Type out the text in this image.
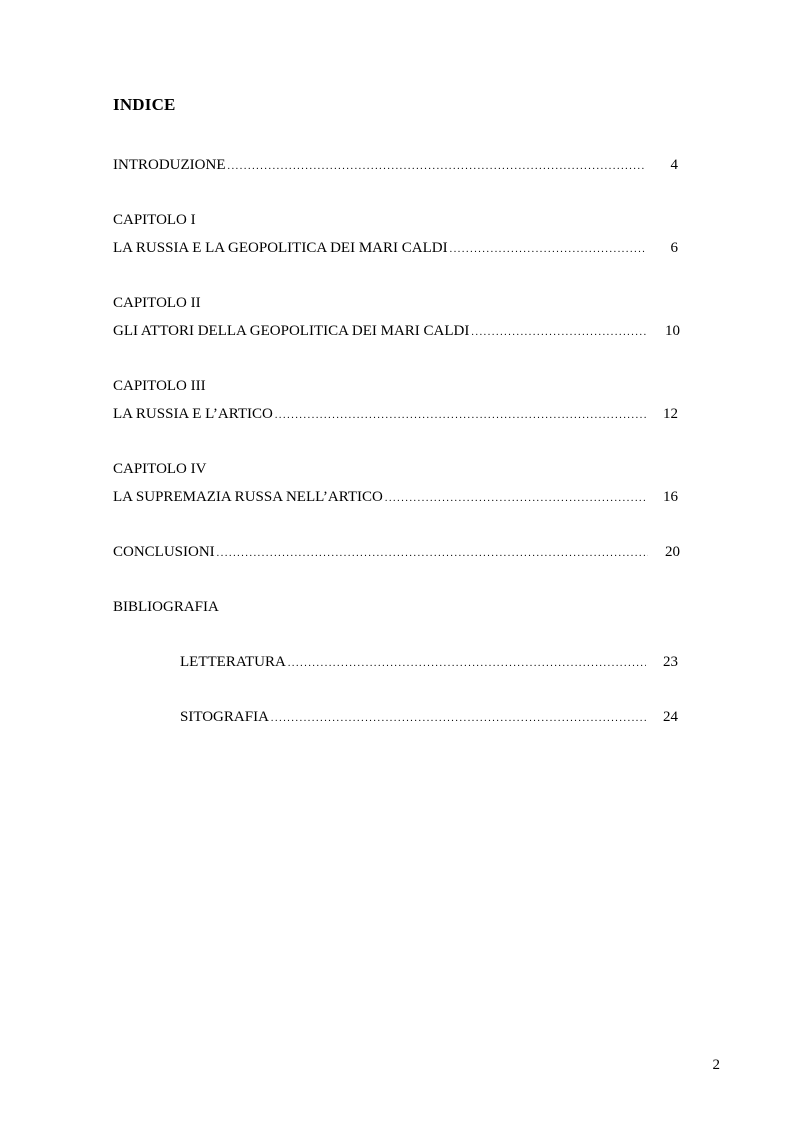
INDICE
INTRODUZIONE .....	4
CAPITOLO I
LA RUSSIA E LA GEOPOLITICA DEI MARI CALDI .....	6
CAPITOLO II
GLI ATTORI DELLA GEOPOLITICA DEI MARI CALDI .....	10
CAPITOLO III
LA RUSSIA E L’ARTICO .....	12
CAPITOLO IV
LA SUPREMAZIA RUSSA NELL’ARTICO .....	16
CONCLUSIONI .....	20
BIBLIOGRAFIA
LETTERATURA .....	23
SITOGRAFIA .....	24
2
